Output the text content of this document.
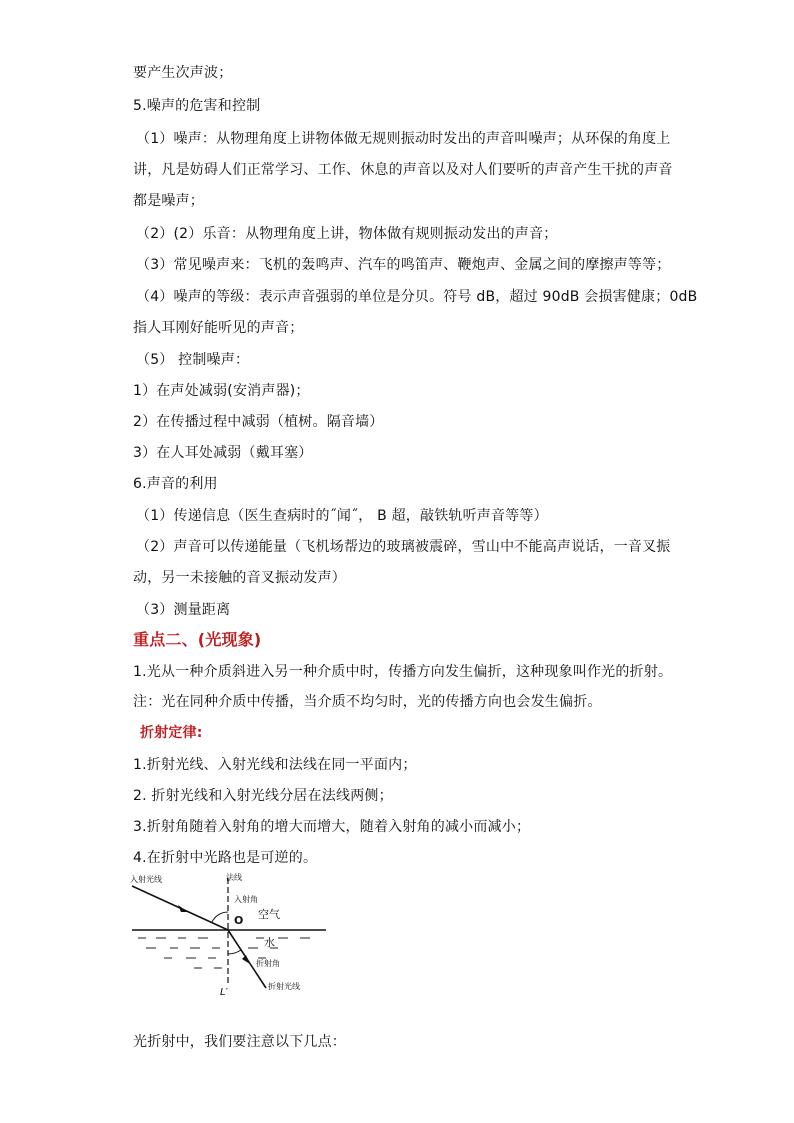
要产生次声波；
5.噪声的危害和控制
（1）噪声：从物理角度上讲物体做无规则振动时发出的声音叫噪声；从环保的角度上
讲，凡是妨碍人们正常学习、工作、休息的声音以及对人们要听的声音产生干扰的声音
都是噪声；
（2）(2）乐音：从物理角度上讲，物体做有规则振动发出的声音；
（3）常见噪声来：飞机的轰鸣声、汽车的鸣笛声、鞭炮声、金属之间的摩擦声等等；
（4）噪声的等级：表示声音强弱的单位是分贝。符号 dB，超过 90dB 会损害健康；0dB
指人耳刚好能听见的声音；
（5） 控制噪声：
1）在声处减弱(安消声器)；
2）在传播过程中减弱（植树。隔音墙）
3）在人耳处减弱（戴耳塞）
6.声音的利用
（1）传递信息（医生查病时的˝闻˝， B 超，敲铁轨听声音等等）
（2）声音可以传递能量（飞机场帮边的玻璃被震碎，雪山中不能高声说话，一音叉振
动，另一未接触的音叉振动发声）
（3）测量距离
重点二、(光现象)
1.光从一种介质斜进入另一种介质中时，传播方向发生偏折，这种现象叫作光的折射。
注：光在同种介质中传播，当介质不均匀时，光的传播方向也会发生偏折。
折射定律:
1.折射光线、入射光线和法线在同一平面内；
2. 折射光线和入射光线分居在法线两侧；
3.折射角随着入射角的增大而增大，随着入射角的减小而减小；
4.在折射中光路也是可逆的。
入射光线	法线
入射角
O 空气
水
折射角
L′
折射光线
光折射中，我们要注意以下几点：
